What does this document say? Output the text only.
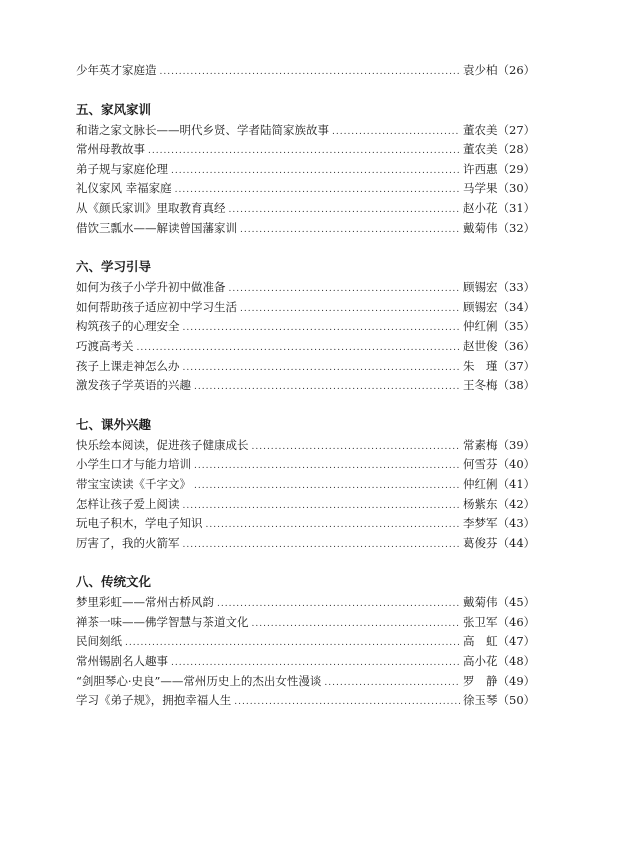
少年英才家庭造 .....	袁少柏（26）
五、家风家训
和谐之家文脉长——明代乡贤、学者陆简家族故事 .....	董农美（27）
常州母教故事 .....	董农美（28）
弟子规与家庭伦理 .....	许西惠（29）
礼仪家风 幸福家庭 .....	马学果（30）
从《颜氏家训》里取教育真经 .....	赵小花（31）
借饮三瓢水——解读曾国藩家训 .....	戴菊伟（32）
六、学习引导
如何为孩子小学升初中做准备 .....	顾锡宏（33）
如何帮助孩子适应初中学习生活 .....	顾锡宏（34）
构筑孩子的心理安全 .....	仲红俐（35）
巧渡高考关 .....	赵世俊（36）
孩子上课走神怎么办 .....	朱　瑾（37）
激发孩子学英语的兴趣 .....	王冬梅（38）
七、课外兴趣
快乐绘本阅读，促进孩子健康成长 .....	常素梅（39）
小学生口才与能力培训 .....	何雪芬（40）
带宝宝读读《千字文》 .....	仲红俐（41）
怎样让孩子爱上阅读 .....	杨紫东（42）
玩电子积木，学电子知识 .....	李梦军（43）
厉害了，我的火箭军 .....	葛俊芬（44）
八、传统文化
梦里彩虹——常州古桥风韵 .....	戴菊伟（45）
禅茶一味——佛学智慧与茶道文化 .....	张卫军（46）
民间刻纸 .....	高　虹（47）
常州锡剧名人趣事 .....	高小花（48）
“剑胆琴心·史良”——常州历史上的杰出女性漫谈 .....	罗　静（49）
学习《弟子规》，拥抱幸福人生 .....	徐玉琴（50）
